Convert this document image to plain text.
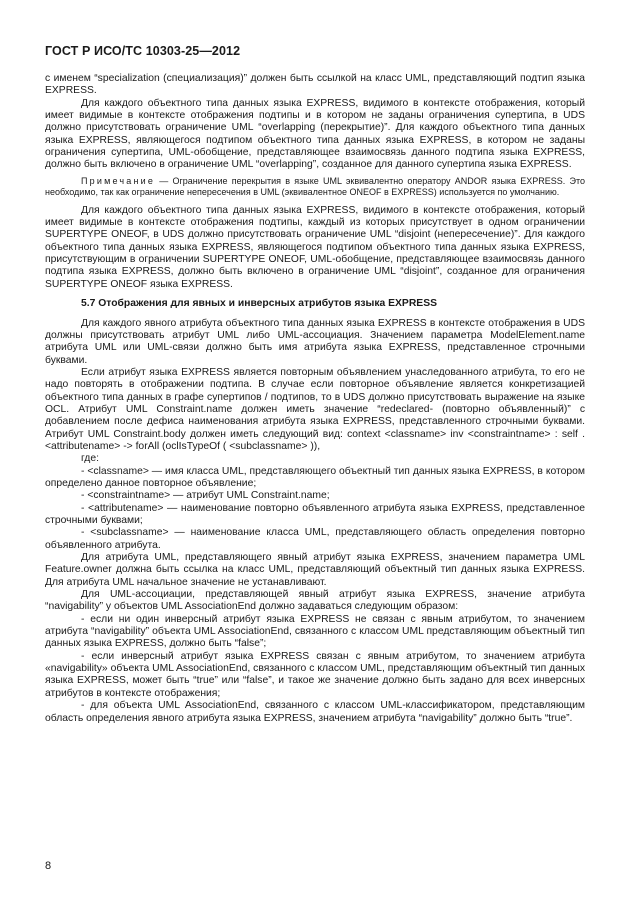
ГОСТ Р ИСО/ТС 10303-25—2012

с именем “specialization (специализация)” должен быть ссылкой на класс UML, представляющий подтип языка EXPRESS.

Для каждого объектного типа данных языка EXPRESS, видимого в контексте отображения, который имеет видимые в контексте отображения подтипы и в котором не заданы ограничения супертипа, в UDS должно присутствовать ограничение UML “overlapping (перекрытие)”. Для каждого объектного типа данных языка EXPRESS, являющегося подтипом объектного типа данных языка EXPRESS, в котором не заданы ограничения супертипа, UML-обобщение, представляющее взаимосвязь данного подтипа языка EXPRESS, должно быть включено в ограничение UML “overlapping”, созданное для данного супертипа языка EXPRESS.

Примечание — Ограничение перекрытия в языке UML эквивалентно оператору ANDOR языка EXPRESS. Это необходимо, так как ограничение непересечения в UML (эквивалентное ONEOF в EXPRESS) используется по умолчанию.

Для каждого объектного типа данных языка EXPRESS, видимого в контексте отображения, который имеет видимые в контексте отображения подтипы, каждый из которых присутствует в одном ограничении SUPERTYPE ONEOF, в UDS должно присутствовать ограничение UML “disjoint (непересечение)”. Для каждого объектного типа данных языка EXPRESS, являющегося подтипом объектного типа данных языка EXPRESS, присутствующим в ограничении SUPERTYPE ONEOF, UML-обобщение, представляющее взаимосвязь данного подтипа языка EXPRESS, должно быть включено в ограничение UML “disjoint”, созданное для ограничения SUPERTYPE ONEOF языка EXPRESS.

5.7 Отображения для явных и инверсных атрибутов языка EXPRESS

Для каждого явного атрибута объектного типа данных языка EXPRESS в контексте отображения в UDS должны присутствовать атрибут UML либо UML-ассоциация. Значением параметра ModelElement.name атрибута UML или UML-связи должно быть имя атрибута языка EXPRESS, представленное строчными буквами.

Если атрибут языка EXPRESS является повторным объявлением унаследованного атрибута, то его не надо повторять в отображении подтипа. В случае если повторное объявление является конкретизацией объектного типа данных в графе супертипов / подтипов, то в UDS должно присутствовать выражение на языке OCL. Атрибут UML Constraint.name должен иметь значение “redeclared- (повторно объявленный)” с добавлением после дефиса наименования атрибута языка EXPRESS, представленного строчными буквами. Атрибут UML Constraint.body должен иметь следующий вид: context <classname> inv <constraintname> : self . <attributename> -> forAll (oclIsTypeOf ( <subclassname> )),

где:

- <classname> — имя класса UML, представляющего объектный тип данных языка EXPRESS, в котором определено данное повторное объявление;

- <constraintname> — атрибут UML Constraint.name;

- <attributename> — наименование повторно объявленного атрибута языка EXPRESS, представленное строчными буквами;

- <subclassname> — наименование класса UML, представляющего область определения повторно объявленного атрибута.

Для атрибута UML, представляющего явный атрибут языка EXPRESS, значением параметра UML Feature.owner должна быть ссылка на класс UML, представляющий объектный тип данных языка EXPRESS. Для атрибута UML начальное значение не устанавливают.

Для UML-ассоциации, представляющей явный атрибут языка EXPRESS, значение атрибута “navigability” у объектов UML AssociationEnd должно задаваться следующим образом:

- если ни один инверсный атрибут языка EXPRESS не связан с явным атрибутом, то значением атрибута “navigability” объекта UML AssociationEnd, связанного с классом UML представляющим объектный тип данных языка EXPRESS, должно быть “false”;

- если инверсный атрибут языка EXPRESS связан с явным атрибутом, то значением атрибута «navigability» объекта UML AssociationEnd, связанного с классом UML, представляющим объектный тип данных языка EXPRESS, может быть “true” или “false”, и такое же значение должно быть задано для всех инверсных атрибутов в контексте отображения;

- для объекта UML AssociationEnd, связанного с классом UML-классификатором, представляющим область определения явного атрибута языка EXPRESS, значением атрибута “navigability” должно быть “true”.

8
